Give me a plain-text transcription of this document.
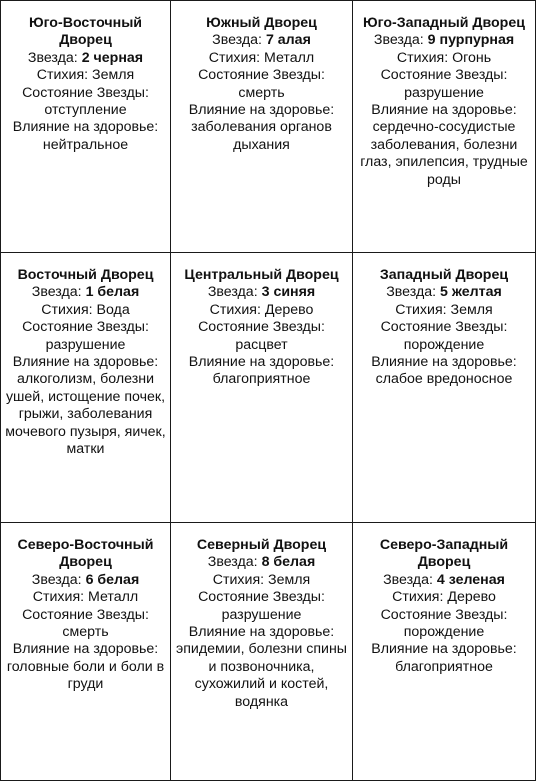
Юго-Восточный Дворец
Звезда: 2 черная
Стихия: Земля
Состояние Звезды:
отступление
Влияние на здоровье:
нейтральное
Южный Дворец
Звезда: 7 алая
Стихия: Металл
Состояние Звезды:
смерть
Влияние на здоровье:
заболевания органов дыхания
Юго-Западный Дворец
Звезда: 9 пурпурная
Стихия: Огонь
Состояние Звезды:
разрушение
Влияние на здоровье:
сердечно-сосудистые заболевания, болезни глаз, эпилепсия, трудные роды
Восточный Дворец
Звезда: 1 белая
Стихия: Вода
Состояние Звезды:
разрушение
Влияние на здоровье:
алкоголизм, болезни ушей, истощение почек, грыжи, заболевания мочевого пузыря, яичек, матки
Центральный Дворец
Звезда: 3 синяя
Стихия: Дерево
Состояние Звезды:
расцвет
Влияние на здоровье:
благоприятное
Западный Дворец
Звезда: 5 желтая
Стихия: Земля
Состояние Звезды:
порождение
Влияние на здоровье:
слабое вредоносное
Северо-Восточный Дворец
Звезда: 6 белая
Стихия: Металл
Состояние Звезды:
смерть
Влияние на здоровье: головные боли и боли в груди
Северный Дворец
Звезда: 8 белая
Стихия: Земля
Состояние Звезды:
разрушение
Влияние на здоровье: эпидемии, болезни спины и позвоночника, сухожилий и костей, водянка
Северо-Западный Дворец
Звезда: 4 зеленая
Стихия: Дерево
Состояние Звезды:
порождение
Влияние на здоровье:
благоприятное
